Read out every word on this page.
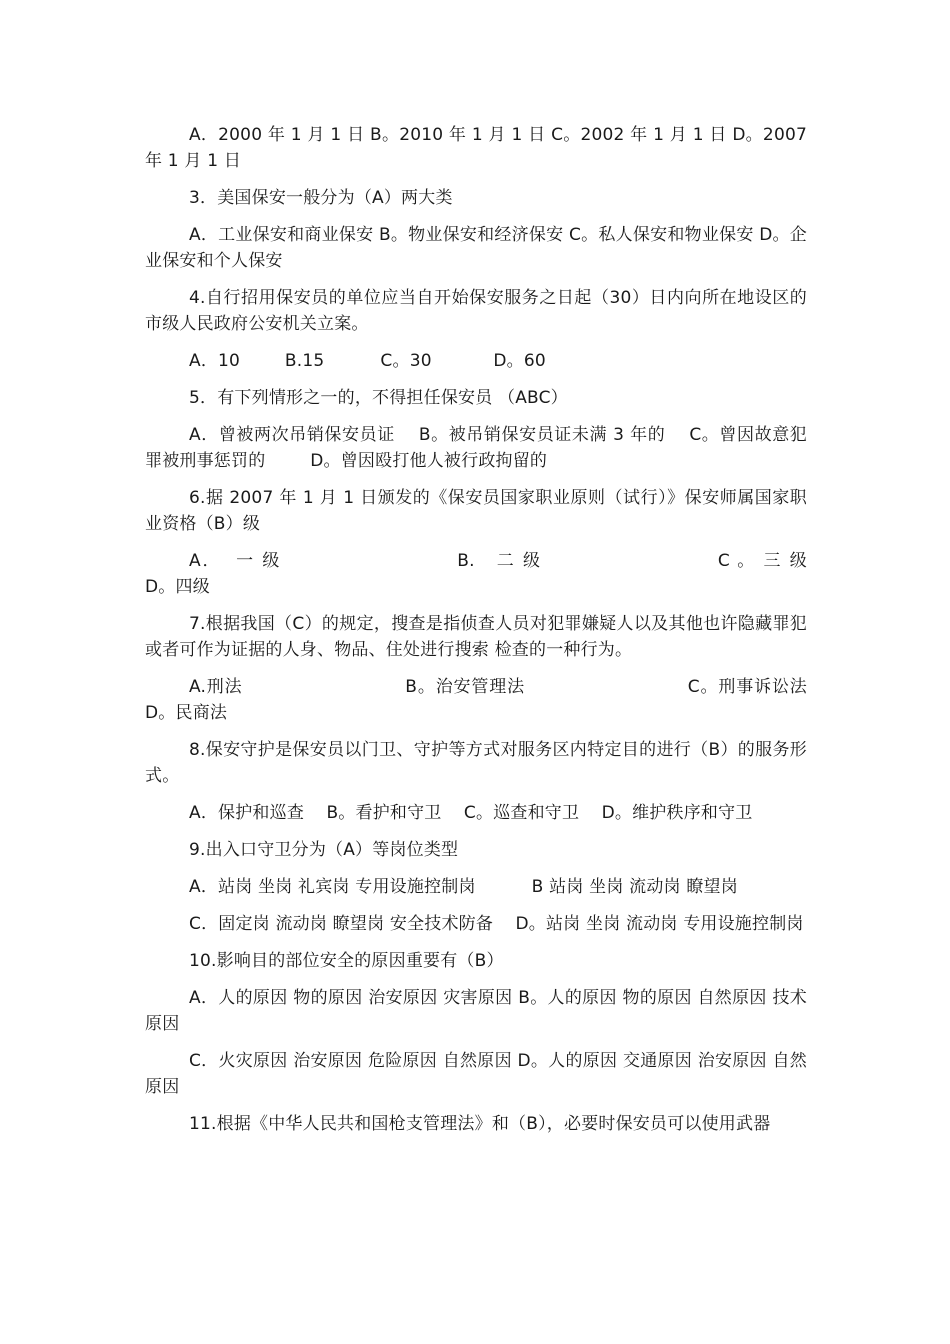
A．2000 年 1 月 1 日 B。2010 年 1 月 1 日 C。2002 年 1 月 1 日 D。2007 年 1 月 1 日

3．美国保安一般分为（A）两大类

A．工业保安和商业保安 B。物业保安和经济保安 C。私人保安和物业保安 D。企业保安和个人保安

4.自行招用保安员的单位应当自开始保安服务之日起（30）日内向所在地设区的市级人民政府公安机关立案。

A．10        B.15          C。30           D。60

5．有下列情形之一的，不得担任保安员 （ABC）

A．曾被两次吊销保安员证    B。被吊销保安员证未满 3 年的    C。曾因故意犯罪被刑事惩罚的        D。曾因殴打他人被行政拘留的

6.据 2007 年 1 月 1 日颁发的《保安员国家职业原则（试行）》保安师属国家职业资格（B）级

A．  一 级                        B.   二 级                        C 。 三 级                    D。四级

7.根据我国（C）的规定，搜查是指侦查人员对犯罪嫌疑人以及其他也许隐藏罪犯或者可作为证据的人身、物品、住处进行搜索 检查的一种行为。

A.刑法                          B。治安管理法                          C。刑事诉讼法                 D。民商法

8.保安守护是保安员以门卫、守护等方式对服务区内特定目的进行（B）的服务形式。

A．保护和巡查    B。看护和守卫    C。巡查和守卫    D。维护秩序和守卫

9.出入口守卫分为（A）等岗位类型

A．站岗 坐岗 礼宾岗 专用设施控制岗          B 站岗 坐岗 流动岗 瞭望岗

C．固定岗 流动岗 瞭望岗 安全技术防备    D。站岗 坐岗 流动岗 专用设施控制岗

10.影响目的部位安全的原因重要有（B）

A．人的原因 物的原因 治安原因 灾害原因 B。人的原因 物的原因 自然原因 技术原因

C．火灾原因 治安原因 危险原因 自然原因 D。人的原因 交通原因 治安原因 自然原因

11.根据《中华人民共和国枪支管理法》和（B），必要时保安员可以使用武器
